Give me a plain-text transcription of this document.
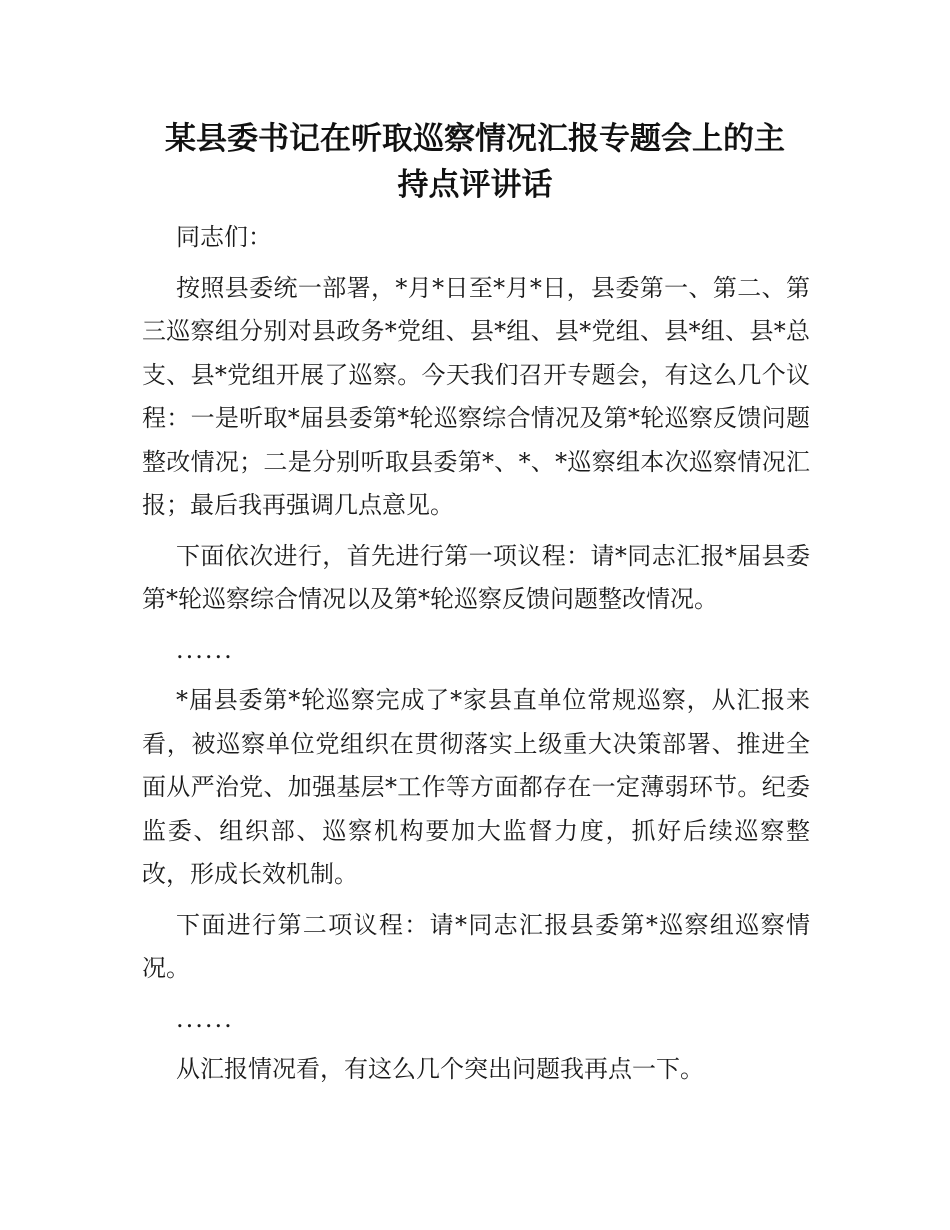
某县委书记在听取巡察情况汇报专题会上的主
持点评讲话

同志们：

按照县委统一部署，*月*日至*月*日，县委第一、第二、第三巡察组分别对县政务*党组、县*组、县*党组、县*组、县*总支、县*党组开展了巡察。今天我们召开专题会，有这么几个议程：一是听取*届县委第*轮巡察综合情况及第*轮巡察反馈问题整改情况；二是分别听取县委第*、*、*巡察组本次巡察情况汇报；最后我再强调几点意见。

下面依次进行，首先进行第一项议程：请*同志汇报*届县委第*轮巡察综合情况以及第*轮巡察反馈问题整改情况。

......

*届县委第*轮巡察完成了*家县直单位常规巡察，从汇报来看，被巡察单位党组织在贯彻落实上级重大决策部署、推进全面从严治党、加强基层*工作等方面都存在一定薄弱环节。纪委监委、组织部、巡察机构要加大监督力度，抓好后续巡察整改，形成长效机制。

下面进行第二项议程：请*同志汇报县委第*巡察组巡察情况。

......

从汇报情况看，有这么几个突出问题我再点一下。
